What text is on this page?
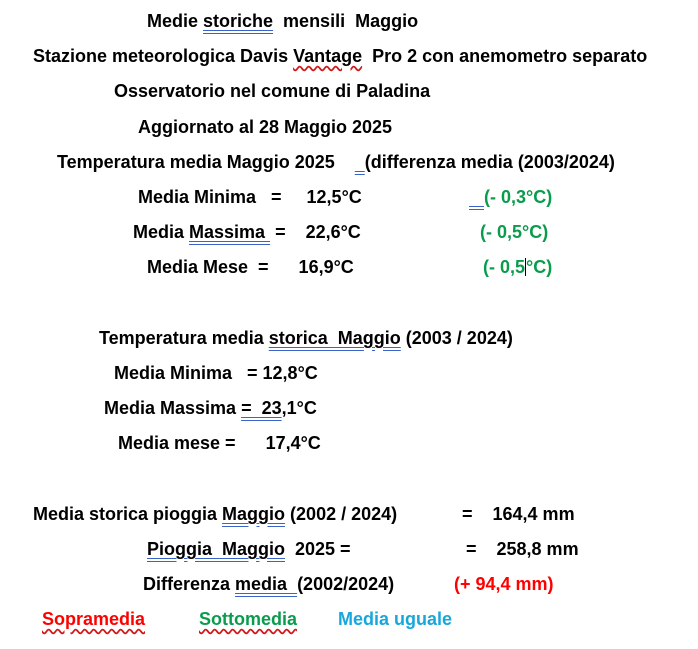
Medie storiche  mensili  Maggio
Stazione meteorologica Davis Vantage  Pro 2 con anemometro separato
Osservatorio nel comune di Paladina
Aggiornato al 28 Maggio 2025
Temperatura media Maggio 2025      (differenza media (2003/2024)
Media Minima   =     12,5°C	(- 0,3°C)
Media Massima  =    22,6°C	(- 0,5°C)
Media Mese  =      16,9°C	(- 0,5°C)
Temperatura media storica  Maggio (2003 / 2024)
Media Minima   = 12,8°C
Media Massima =  23,1°C
Media mese =      17,4°C
Media storica pioggia Maggio (2002 / 2024)	=    164,4 mm
Pioggia  Maggio  2025 =	=    258,8 mm
Differenza media  (2002/2024)	(+ 94,4 mm)
Sopramedia	Sottomedia Media uguale
